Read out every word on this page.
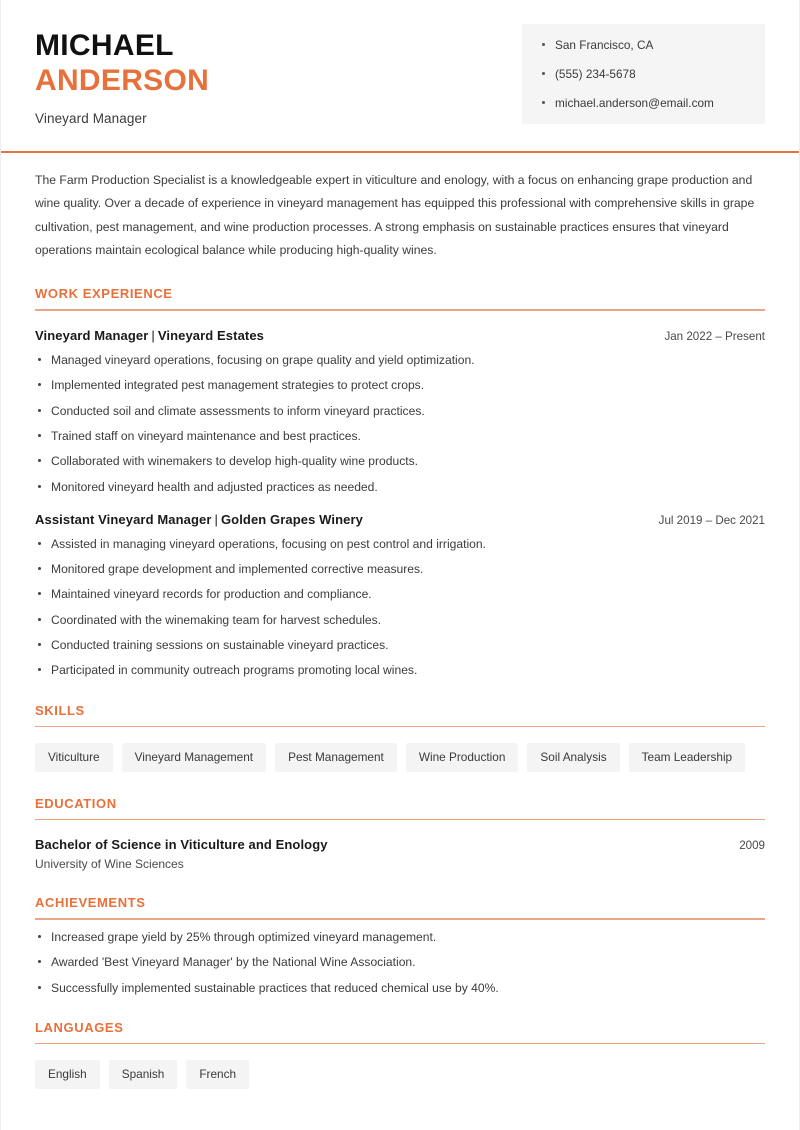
MICHAEL
ANDERSON
Vineyard Manager
San Francisco, CA
(555) 234-5678
michael.anderson@email.com

The Farm Production Specialist is a knowledgeable expert in viticulture and enology, with a focus on enhancing grape production and wine quality. Over a decade of experience in vineyard management has equipped this professional with comprehensive skills in grape cultivation, pest management, and wine production processes. A strong emphasis on sustainable practices ensures that vineyard operations maintain ecological balance while producing high-quality wines.

WORK EXPERIENCE
Vineyard Manager | Vineyard Estates	Jan 2022 – Present
Managed vineyard operations, focusing on grape quality and yield optimization.
Implemented integrated pest management strategies to protect crops.
Conducted soil and climate assessments to inform vineyard practices.
Trained staff on vineyard maintenance and best practices.
Collaborated with winemakers to develop high-quality wine products.
Monitored vineyard health and adjusted practices as needed.
Assistant Vineyard Manager | Golden Grapes Winery	Jul 2019 – Dec 2021
Assisted in managing vineyard operations, focusing on pest control and irrigation.
Monitored grape development and implemented corrective measures.
Maintained vineyard records for production and compliance.
Coordinated with the winemaking team for harvest schedules.
Conducted training sessions on sustainable vineyard practices.
Participated in community outreach programs promoting local wines.
SKILLS
Viticulture	Vineyard Management	Pest Management	Wine Production	Soil Analysis	Team Leadership
EDUCATION
Bachelor of Science in Viticulture and Enology	2009
University of Wine Sciences
ACHIEVEMENTS
Increased grape yield by 25% through optimized vineyard management.
Awarded 'Best Vineyard Manager' by the National Wine Association.
Successfully implemented sustainable practices that reduced chemical use by 40%.
LANGUAGES
English	Spanish	French
